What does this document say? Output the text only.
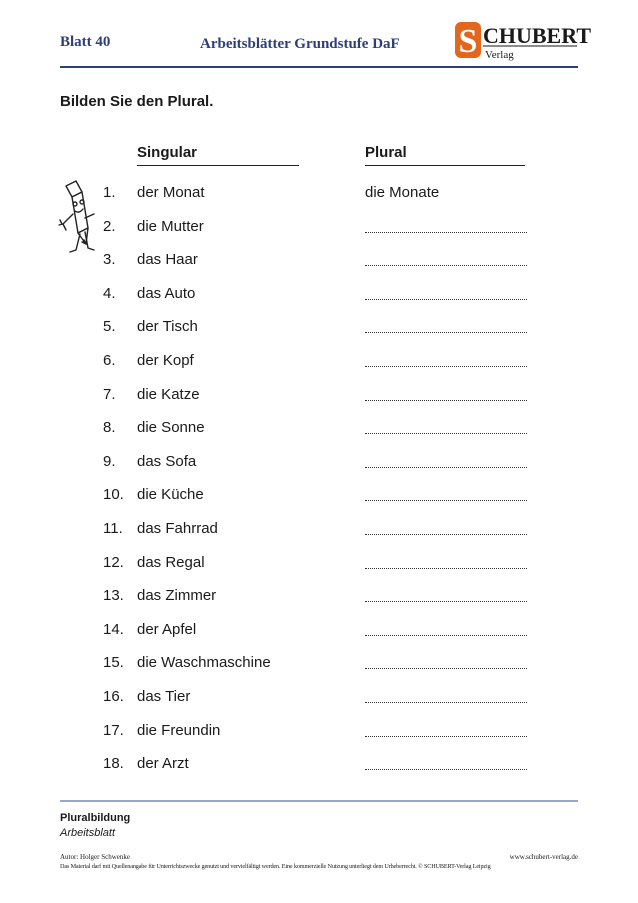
Blatt 40	Arbeitsblätter Grundstufe DaF S CHUBERT
Verlag
Bilden Sie den Plural.
Singular	Plural
1.	der Monat	die Monate
2.	die Mutter
3.	das Haar
4.	das Auto
5.	der Tisch
6.	der Kopf
7.	die Katze
8.	die Sonne
9.	das Sofa
10. die Küche
11. das Fahrrad
12. das Regal
13. das Zimmer
14. der Apfel
15. die Waschmaschine
16. das Tier
17. die Freundin
18. der Arzt
Pluralbildung
Arbeitsblatt
Autor: Holger Schwenke	www.schubert-verlag.de
Das Material darf mit Quellenangabe für Unterrichtszwecke genutzt und vervielfältigt werden. Eine kommerzielle Nutzung unterliegt dem Urheberrecht. © SCHUBERT-Verlag Leipzig
